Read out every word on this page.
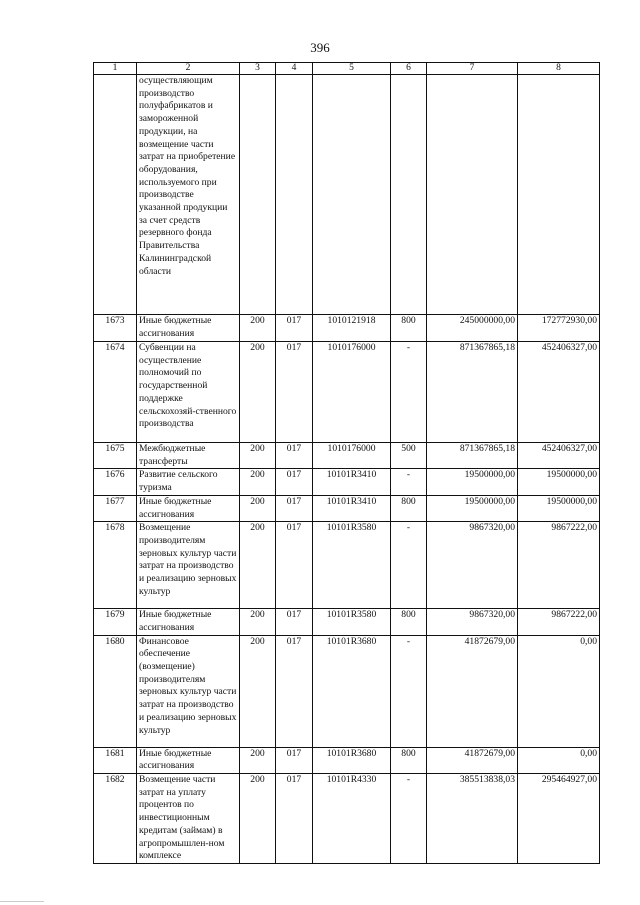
396
1	2	3	4	5	6	7	8
	осуществляющим производство полуфабрикатов и замороженной продукции, на возмещение части затрат на приобретение оборудования, используемого при производстве указанной продукции за счет средств резервного фонда Правительства Калининградской области						
1673	Иные бюджетные ассигнования	200	017	1010121918	800	245000000,00	172772930,00
1674	Субвенции на осуществление полномочий по государственной поддержке сельскохозяй-ственного производства	200	017	1010176000	-	871367865,18	452406327,00
1675	Межбюджетные трансферты	200	017	1010176000	500	871367865,18	452406327,00
1676	Развитие сельского туризма	200	017	10101R3410	-	19500000,00	19500000,00
1677	Иные бюджетные ассигнования	200	017	10101R3410	800	19500000,00	19500000,00
1678	Возмещение производителям зерновых культур части затрат на производство и реализацию зерновых культур	200	017	10101R3580	-	9867320,00	9867222,00
1679	Иные бюджетные ассигнования	200	017	10101R3580	800	9867320,00	9867222,00
1680	Финансовое обеспечение (возмещение) производителям зерновых культур части затрат на производство и реализацию зерновых культур	200	017	10101R3680	-	41872679,00	0,00
1681	Иные бюджетные ассигнования	200	017	10101R3680	800	41872679,00	0,00
1682	Возмещение части затрат на уплату процентов по инвестиционным кредитам (займам) в агропромышлен-ном комплексе	200	017	10101R4330	-	385513838,03	295464927,00
